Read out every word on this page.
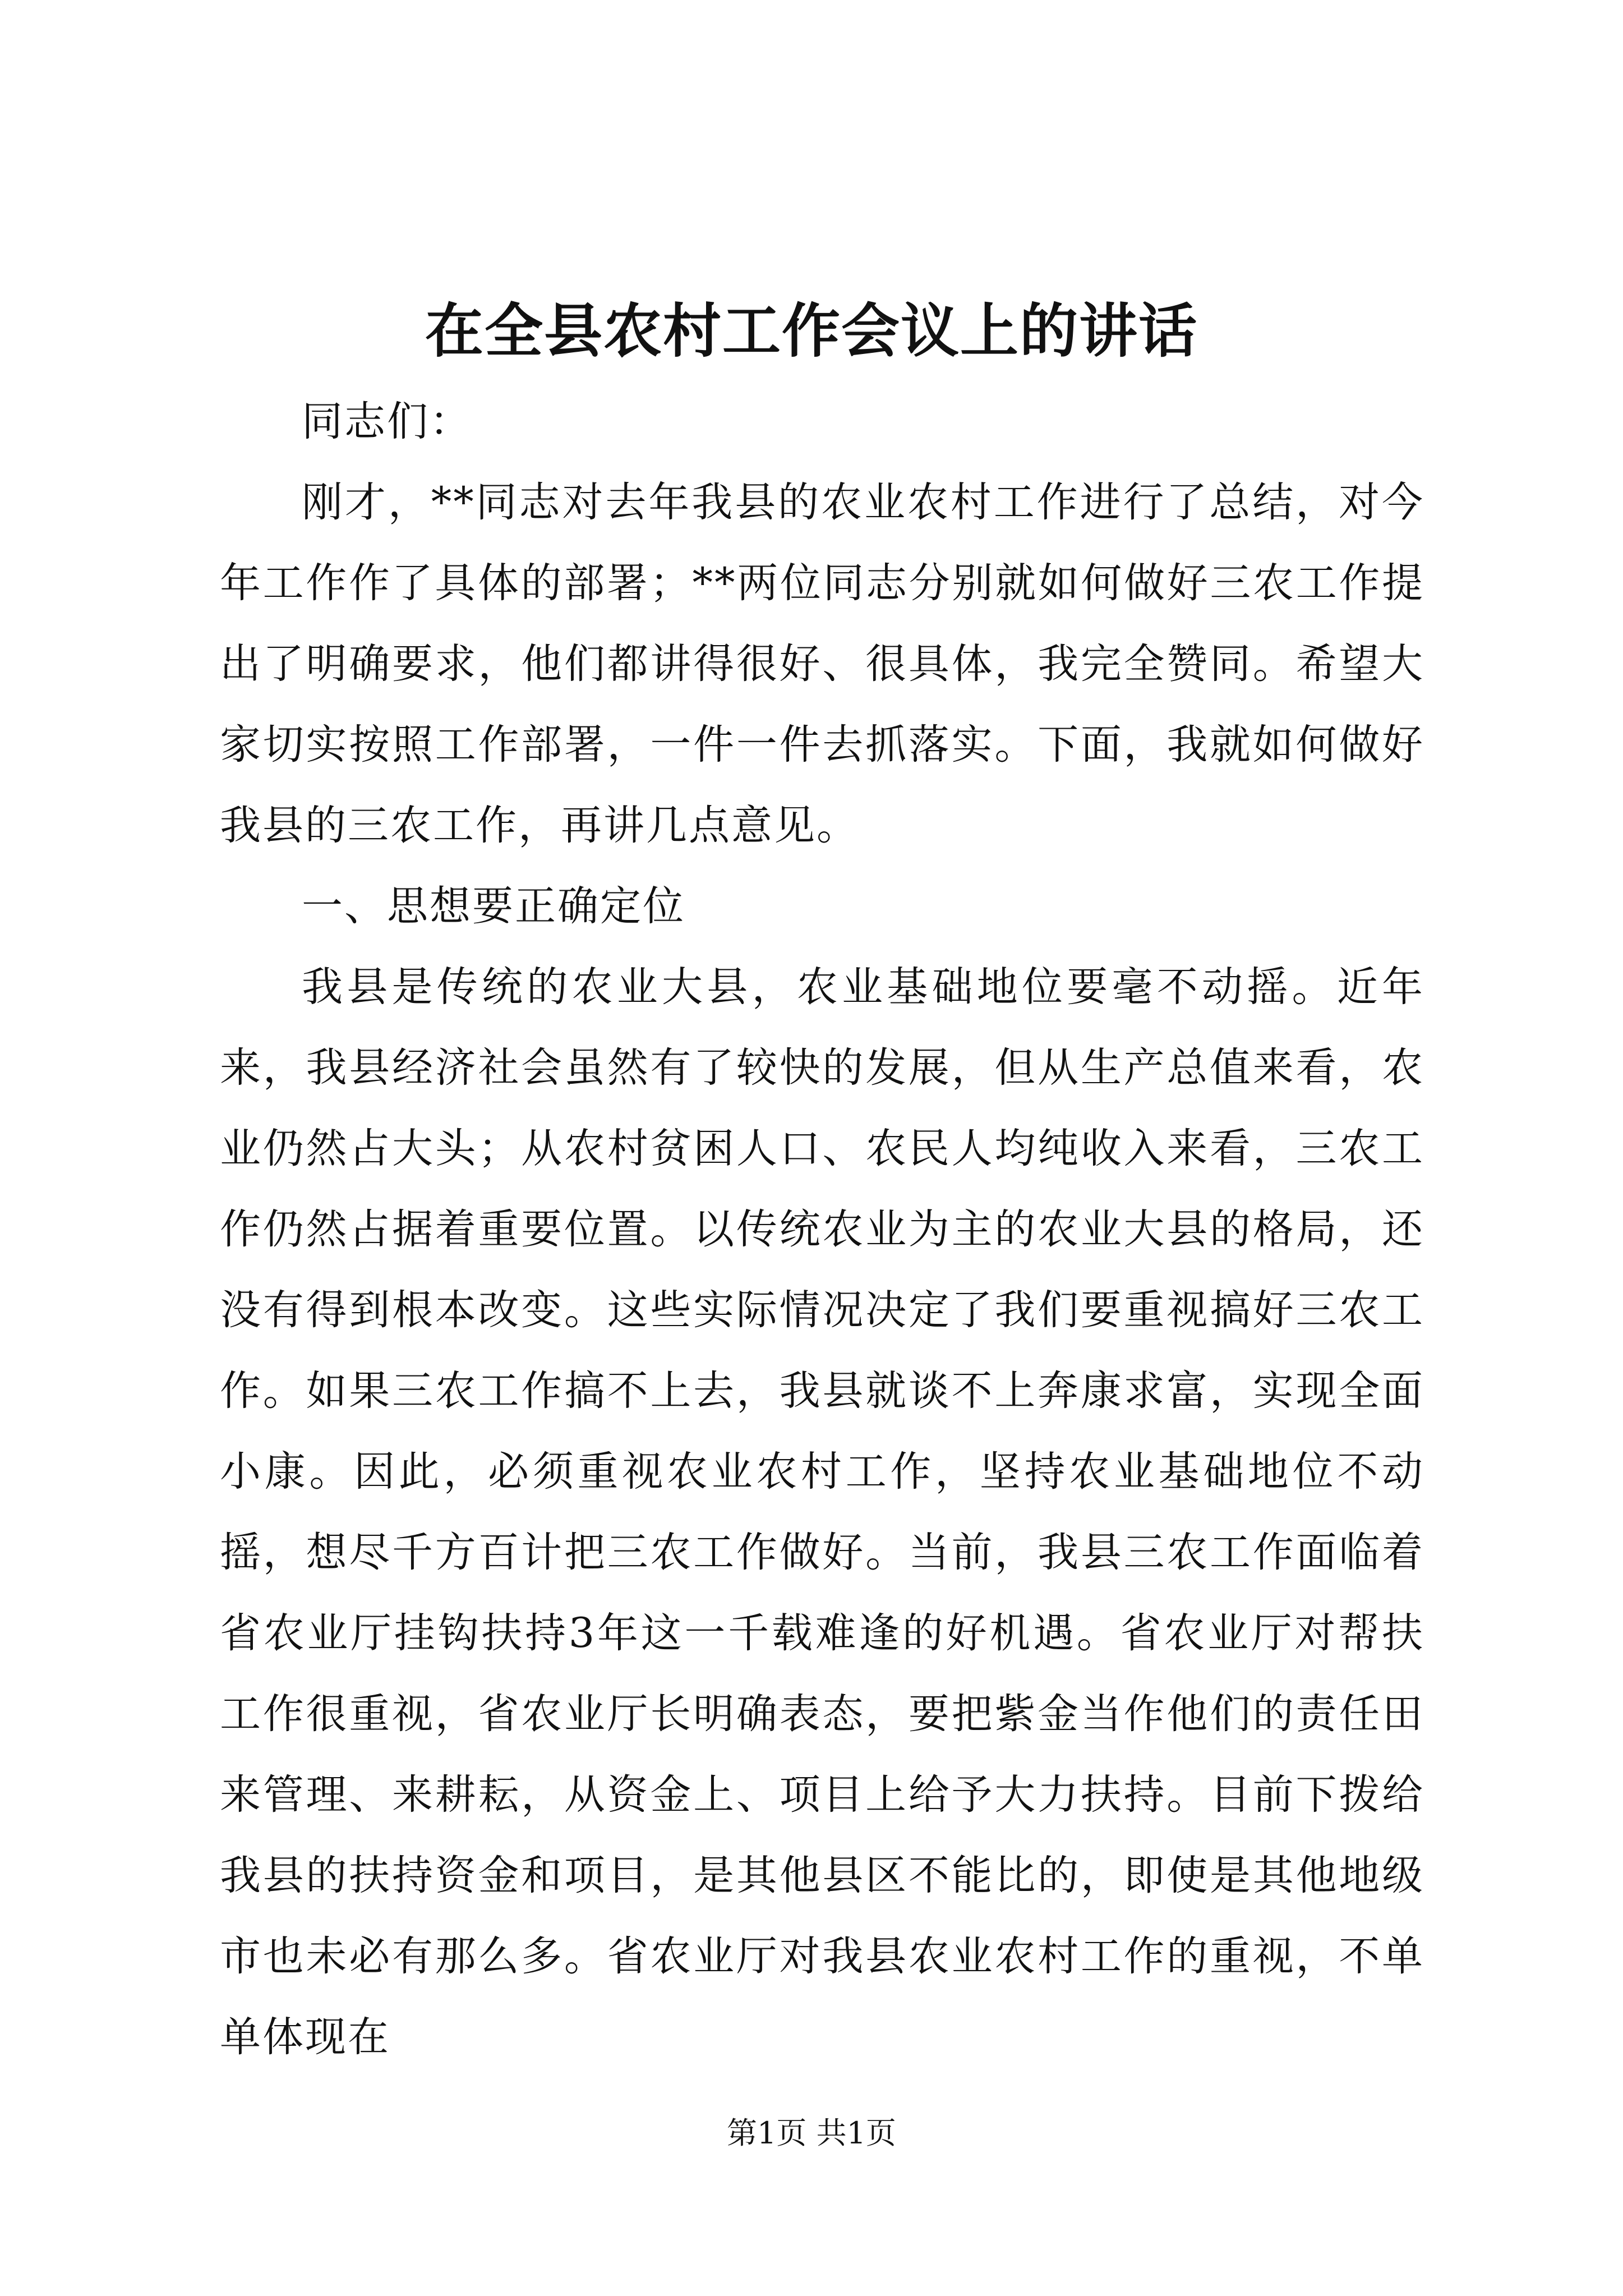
在全县农村工作会议上的讲话

同志们：

刚才，**同志对去年我县的农业农村工作进行了总结，对今年工作作了具体的部署；**两位同志分别就如何做好三农工作提出了明确要求，他们都讲得很好、很具体，我完全赞同。希望大家切实按照工作部署，一件一件去抓落实。下面，我就如何做好我县的三农工作，再讲几点意见。

一、思想要正确定位

我县是传统的农业大县，农业基础地位要毫不动摇。近年来，我县经济社会虽然有了较快的发展，但从生产总值来看，农业仍然占大头；从农村贫困人口、农民人均纯收入来看，三农工作仍然占据着重要位置。以传统农业为主的农业大县的格局，还没有得到根本改变。这些实际情况决定了我们要重视搞好三农工作。如果三农工作搞不上去，我县就谈不上奔康求富，实现全面小康。因此，必须重视农业农村工作，坚持农业基础地位不动摇，想尽千方百计把三农工作做好。当前，我县三农工作面临着省农业厅挂钩扶持3年这一千载难逢的好机遇。省农业厅对帮扶工作很重视，省农业厅长明确表态，要把紫金当作他们的责任田来管理、来耕耘，从资金上、项目上给予大力扶持。目前下拨给我县的扶持资金和项目，是其他县区不能比的，即使是其他地级市也未必有那么多。省农业厅对我县农业农村工作的重视，不单单体现在

第1页 共1页
